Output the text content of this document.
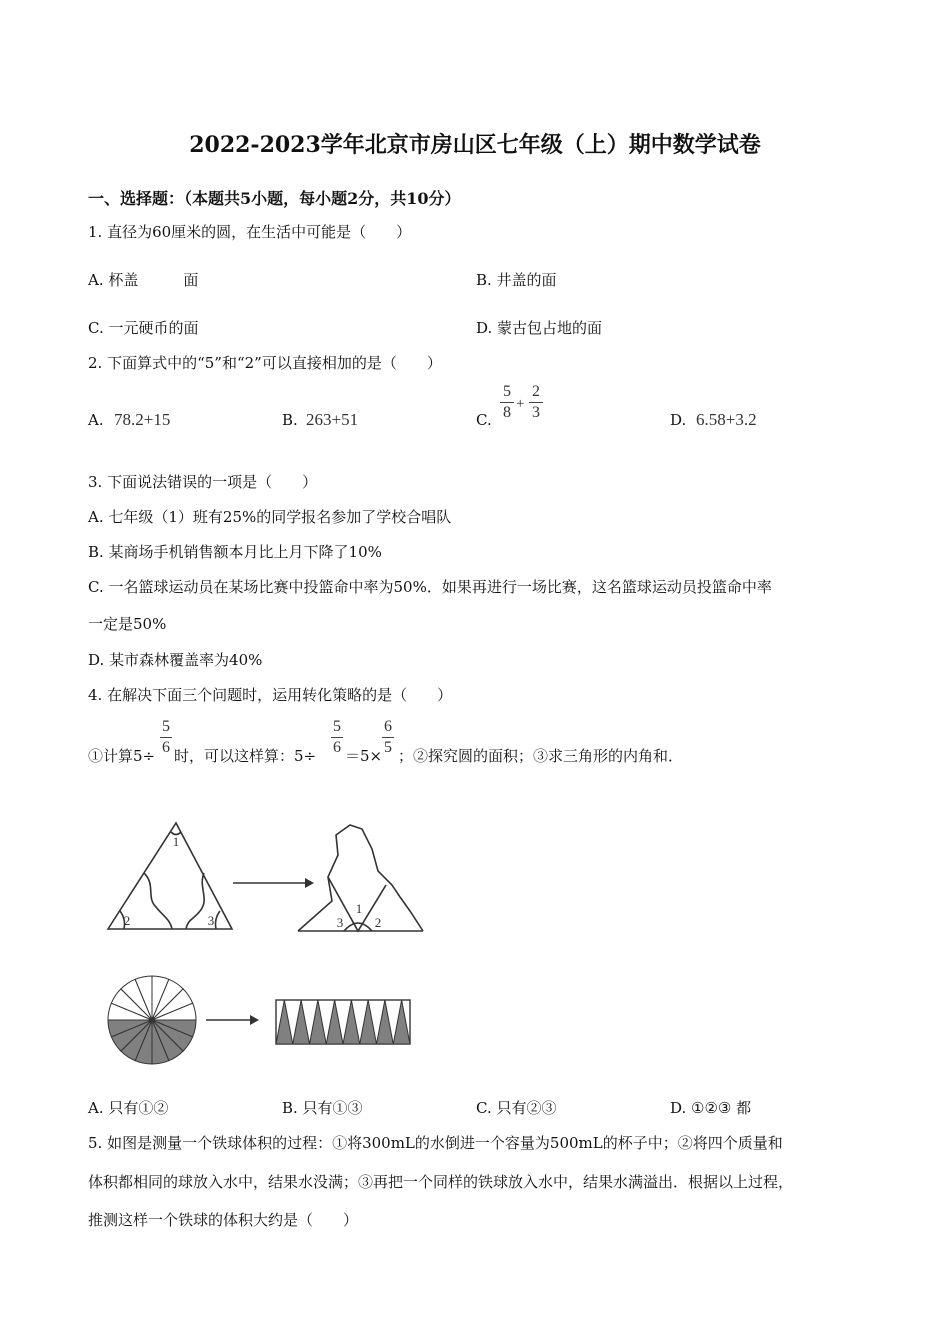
2022-2023学年北京市房山区七年级（上）期中数学试卷
一、选择题：（本题共5小题，每小题2分，共10分）
1. 直径为60厘米的圆，在生活中可能是（　　）
A. 杯盖　　　面	B. 井盖的面
C. 一元硬币的面	D. 蒙古包占地的面
2. 下面算式中的“5”和“2”可以直接相加的是（　　）
A. 78.2+15	B. 263+51	C.
5
8 +
2
3	D. 6.58+3.2
3. 下面说法错误的一项是（　　）
A. 七年级（1）班有25%的同学报名参加了学校合唱队
B. 某商场手机销售额本月比上月下降了10%
C. 一名篮球运动员在某场比赛中投篮命中率为50%．如果再进行一场比赛，这名篮球运动员投篮命中率
一定是50%
D. 某市森林覆盖率为40%
4. 在解决下面三个问题时，运用转化策略的是（　　）
①计算5÷
5
6 时，可以这样算：5÷
5
6 ＝5×
6
5 ；②探究圆的面积；③求三角形的内角和．
1
2	3
1
3 2
A. 只有①②	B. 只有①③	C. 只有②③	D. ①②③ 都
5. 如图是测量一个铁球体积的过程：①将300mL的水倒进一个容量为500mL的杯子中；②将四个质量和
体积都相同的球放入水中，结果水没满；③再把一个同样的铁球放入水中，结果水满溢出．根据以上过程，
推测这样一个铁球的体积大约是（　　）
